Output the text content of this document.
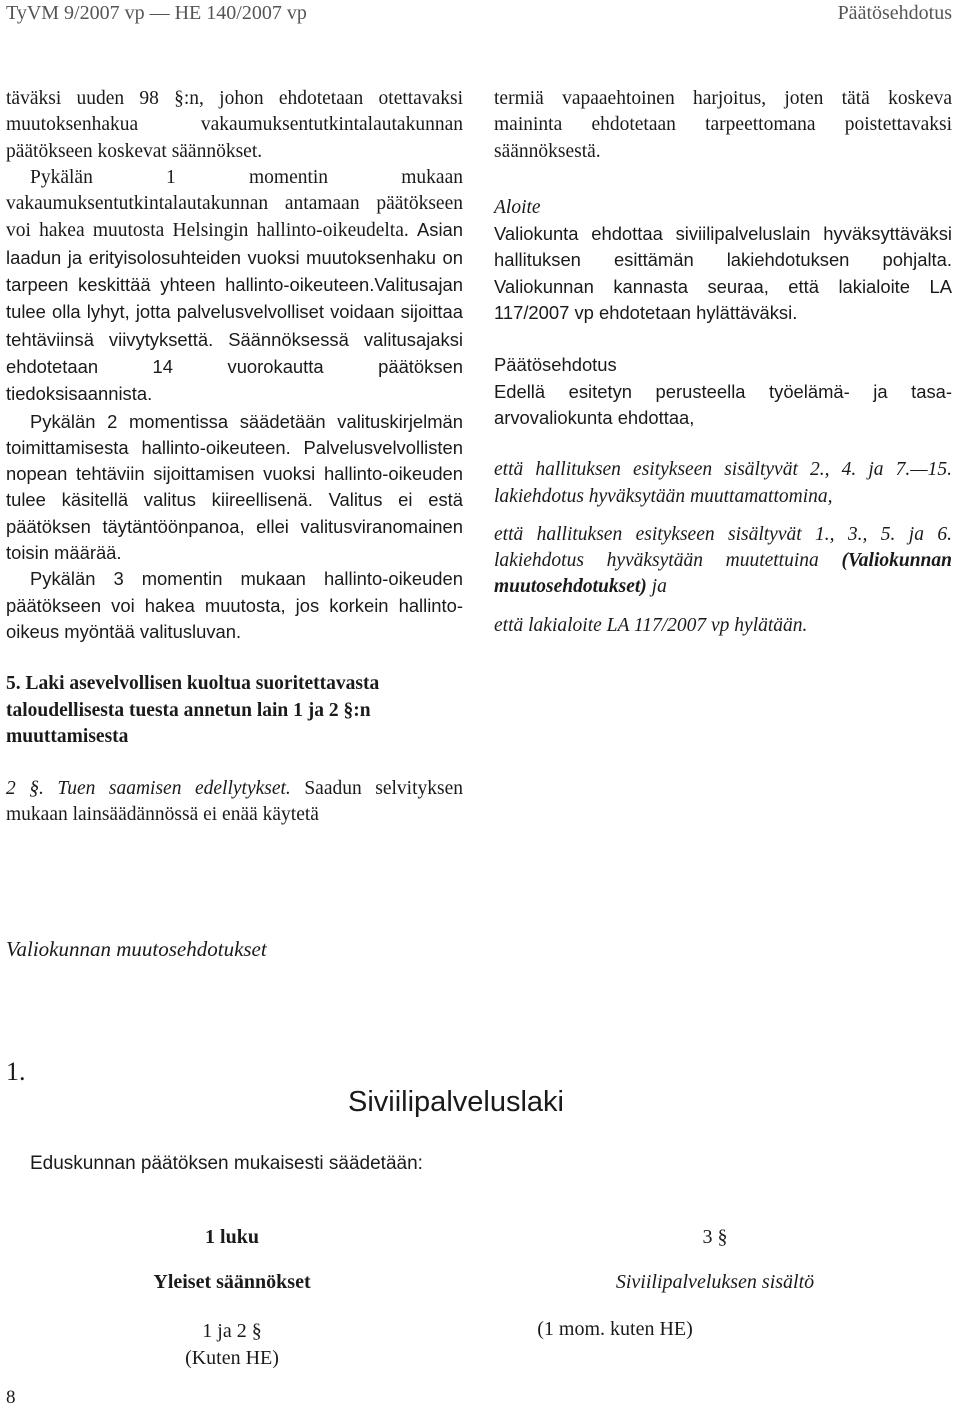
TyVM 9/2007 vp — HE 140/2007 vp	Päätösehdotus

täväksi uuden 98 §:n, johon ehdotetaan otettavaksi muutoksenhakua vakaumuksentutkintalautakunnan päätökseen koskevat säännökset.

Pykälän 1 momentin mukaan vakaumuksentutkintalautakunnan antamaan päätökseen voi hakea muutosta Helsingin hallinto-oikeudelta. Asian laadun ja erityisolosuhteiden vuoksi muutoksenhaku on tarpeen keskittää yhteen hallinto-oikeuteen.Valitusajan tulee olla lyhyt, jotta palvelusvelvolliset voidaan sijoittaa tehtäviinsä viivytyksettä. Säännöksessä valitusajaksi ehdotetaan 14 vuorokautta päätöksen tiedoksisaannista.

Pykälän 2 momentissa säädetään valituskirjelmän toimittamisesta hallinto-oikeuteen. Palvelusvelvollisten nopean tehtäviin sijoittamisen vuoksi hallinto-oikeuden tulee käsitellä valitus kiireellisenä. Valitus ei estä päätöksen täytäntöönpanoa, ellei valitusviranomainen toisin määrää.

Pykälän 3 momentin mukaan hallinto-oikeuden päätökseen voi hakea muutosta, jos korkein hallinto-oikeus myöntää valitusluvan.

5. Laki asevelvollisen kuoltua suoritettavasta taloudellisesta tuesta annetun lain 1 ja 2 §:n muuttamisesta

2 §. Tuen saamisen edellytykset. Saadun selvityksen mukaan lainsäädännössä ei enää käytetä

termiä vapaaehtoinen harjoitus, joten tätä koskeva maininta ehdotetaan tarpeettomana poistettavaksi säännöksestä.

Aloite

Valiokunta ehdottaa siviilipalveluslain hyväksyttäväksi hallituksen esittämän lakiehdotuksen pohjalta. Valiokunnan kannasta seuraa, että lakialoite LA 117/2007 vp ehdotetaan hylättäväksi.

Päätösehdotus

Edellä esitetyn perusteella työelämä- ja tasa-arvovaliokunta ehdottaa,

että hallituksen esitykseen sisältyvät 2., 4. ja 7.—15. lakiehdotus hyväksytään muuttamattomina,

että hallituksen esitykseen sisältyvät 1., 3., 5. ja 6. lakiehdotus hyväksytään muutettuina (Valiokunnan muutosehdotukset) ja

että lakialoite LA 117/2007 vp hylätään.

Valiokunnan muutosehdotukset
1.
Siviilipalveluslaki
Eduskunnan päätöksen mukaisesti säädetään:
1 luku
Yleiset säännökset
1 ja 2 §
(Kuten HE)
3 §
Siviilipalveluksen sisältö
(1 mom. kuten HE)
8
